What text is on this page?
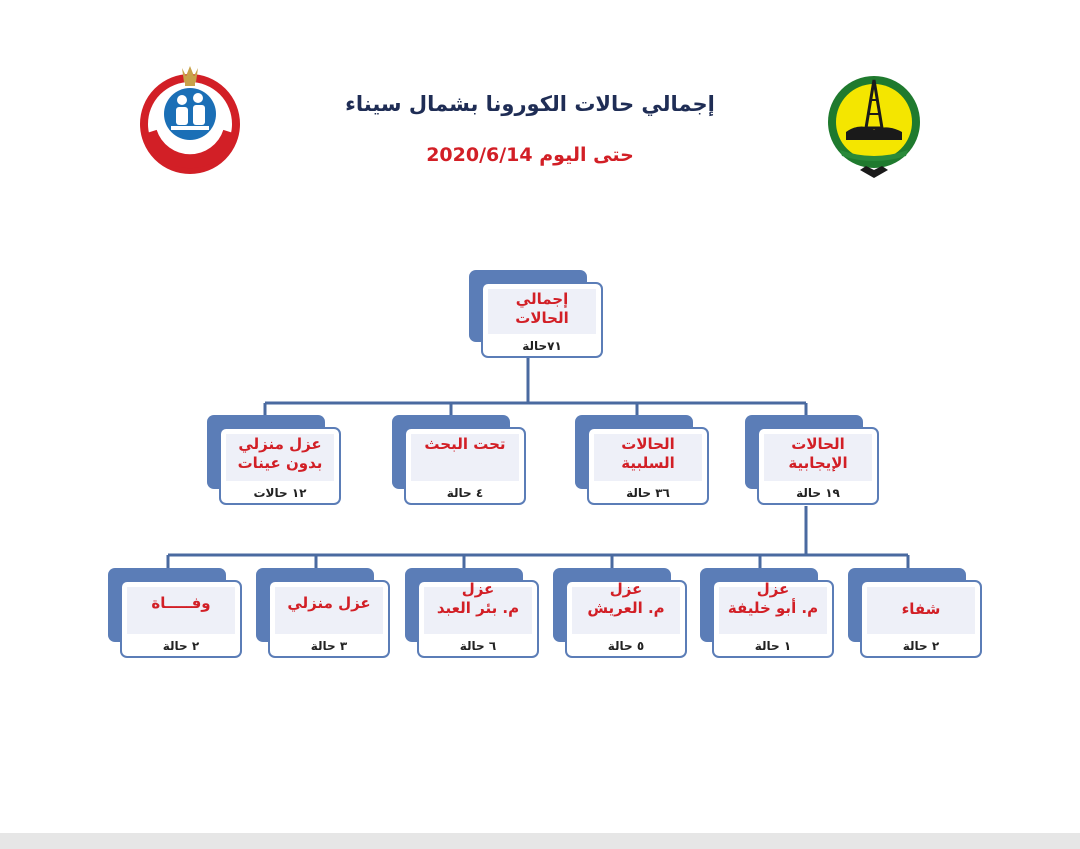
إجمالي حالات الكورونا بشمال سيناء
حتى اليوم 2020/6/14
إجمالي
الحالات
٧١حالة
الحالات
الإيجابية
١٩ حالة
الحالات
السلبية
٣٦ حالة
تحت البحث
٤ حالة
عزل منزلي
بدون عينات
١٢ حالات
شفاء
٢ حالة
عزل
م. أبو خليفة
١ حالة
عزل
م. العريش
٥ حالة
عزل
م. بئر العبد
٦ حالة
عزل منزلي
٣ حالة
وفـــــاة
٢ حالة
